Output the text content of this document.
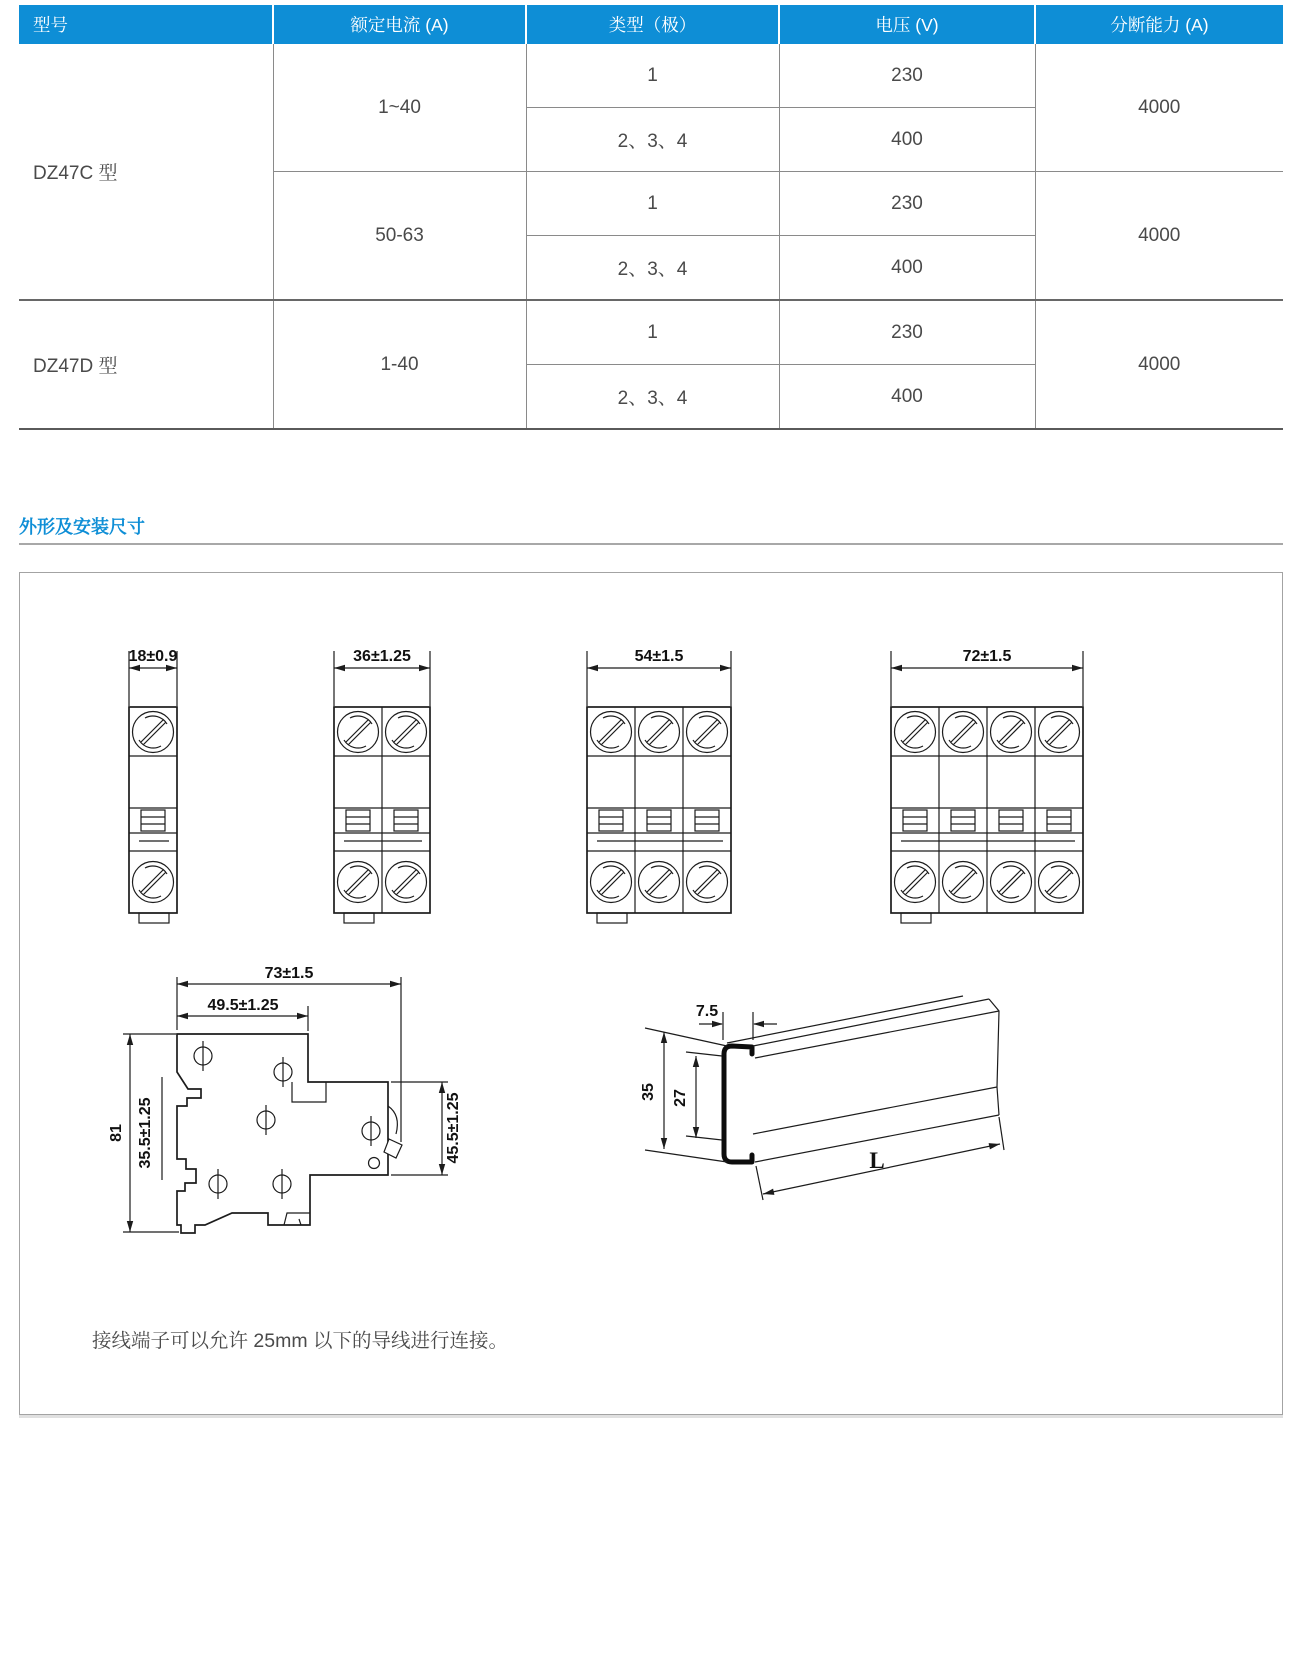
型号	额定电流 (A)	类型（极）	电压 (V)	分断能力 (A)
DZ47C 型	1~40	1	230	4000
		2、3、4	400	
	50-63	1	230	4000
		2、3、4	400	
DZ47D 型	1-40	1	230	4000
		2、3、4	400	
外形及安装尺寸
18±0.9	36±1.25	54±1.5	72±1.5
73±1.5
49.5±1.25
81 35.5±1.25	45.5±1.25
7.5
35 27
L
接线端子可以允许 25mm 以下的导线进行连接。
